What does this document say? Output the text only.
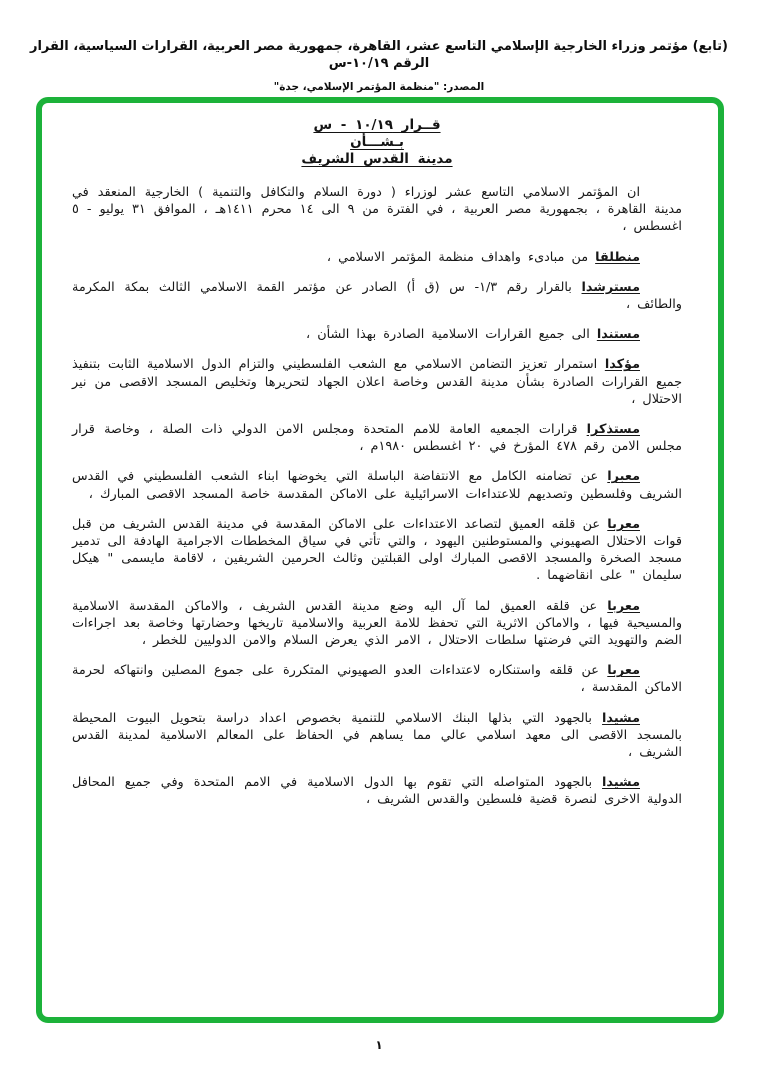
(تابع) مؤتمر وزراء الخارجية الإسلامي التاسع عشر، القاهرة، جمهورية مصر العربية، القرارات السياسية، القرار الرقم ١٠/١٩-س
المصدر: "منظمة المؤتمر الإسلامي، جدة"
قــرار ١٠/١٩ - س
بـشـــأن
مدينة القدس الشريف

ان المؤتمر الاسلامي التاسع عشر لوزراء ( دورة السلام والتكافل والتنمية ) الخارجية المنعقد في مدينة القاهرة ، بجمهورية مصر العربية ، في الفترة من ٩ الى ١٤ محرم ١٤١١هـ ، الموافق ٣١ يوليو - ٥ اغسطس ،

منطلقا من مبادىء واهداف منظمة المؤتمر الاسلامي ،

مسترشدا بالقرار رقم ١/٣- س (ق أ) الصادر عن مؤتمر القمة الاسلامي الثالث بمكة المكرمة والطائف ،

مستندا الى جميع القرارات الاسلامية الصادرة بهذا الشأن ،

مؤكدا استمرار تعزيز التضامن الاسلامي مع الشعب الفلسطيني والتزام الدول الاسلامية الثابت بتنفيذ جميع القرارات الصادرة بشأن مدينة القدس وخاصة اعلان الجهاد لتحريرها وتخليص المسجد الاقصى من نير الاحتلال ،

مستذكرا قرارات الجمعيه العامة للامم المتحدة ومجلس الامن الدولي ذات الصلة ، وخاصة قرار مجلس الامن رقم ٤٧٨ المؤرخ في ٢٠ اغسطس ١٩٨٠م ،

معبرا عن تضامنه الكامل مع الانتفاضة الباسلة التي يخوضها ابناء الشعب الفلسطيني في القدس الشريف وفلسطين وتصديهم للاعتداءات الاسرائيلية على الاماكن المقدسة خاصة المسجد الاقصى المبارك ،

معربا عن قلقه العميق لتصاعد الاعتداءات على الاماكن المقدسة في مدينة القدس الشريف من قبل قوات الاحتلال الصهيوني والمستوطنين اليهود ، والتي تأتي في سياق المخططات الاجرامية الهادفة الى تدمير مسجد الصخرة والمسجد الاقصى المبارك اولى القبلتين وثالث الحرمين الشريفين ، لاقامة مايسمى " هيكل سليمان " على انقاضهما .

معربا عن قلقه العميق لما آل اليه وضع مدينة القدس الشريف ، والاماكن المقدسة الاسلامية والمسيحية فيها ، والاماكن الاثرية التي تحفظ للامة العربية والاسلامية تاريخها وحضارتها وخاصة بعد اجراءات الضم والتهويد التي فرضتها سلطات الاحتلال ، الامر الذي يعرض السلام والامن الدوليين للخطر ،

معربا عن قلقه واستنكاره لاعتداءات العدو الصهيوني المتكررة على جموع المصلين وانتهاكه لحرمة الاماكن المقدسة ،

مشيدا بالجهود التي بذلها البنك الاسلامي للتنمية بخصوص اعداد دراسة بتحويل البيوت المحيطة بالمسجد الاقصى الى معهد اسلامي عالي مما يساهم في الحفاظ على المعالم الاسلامية لمدينة القدس الشريف ،

مشيدا بالجهود المتواصله التي تقوم بها الدول الاسلامية في الامم المتحدة وفي جميع المحافل الدولية الاخرى لنصرة قضية فلسطين والقدس الشريف ،

١
